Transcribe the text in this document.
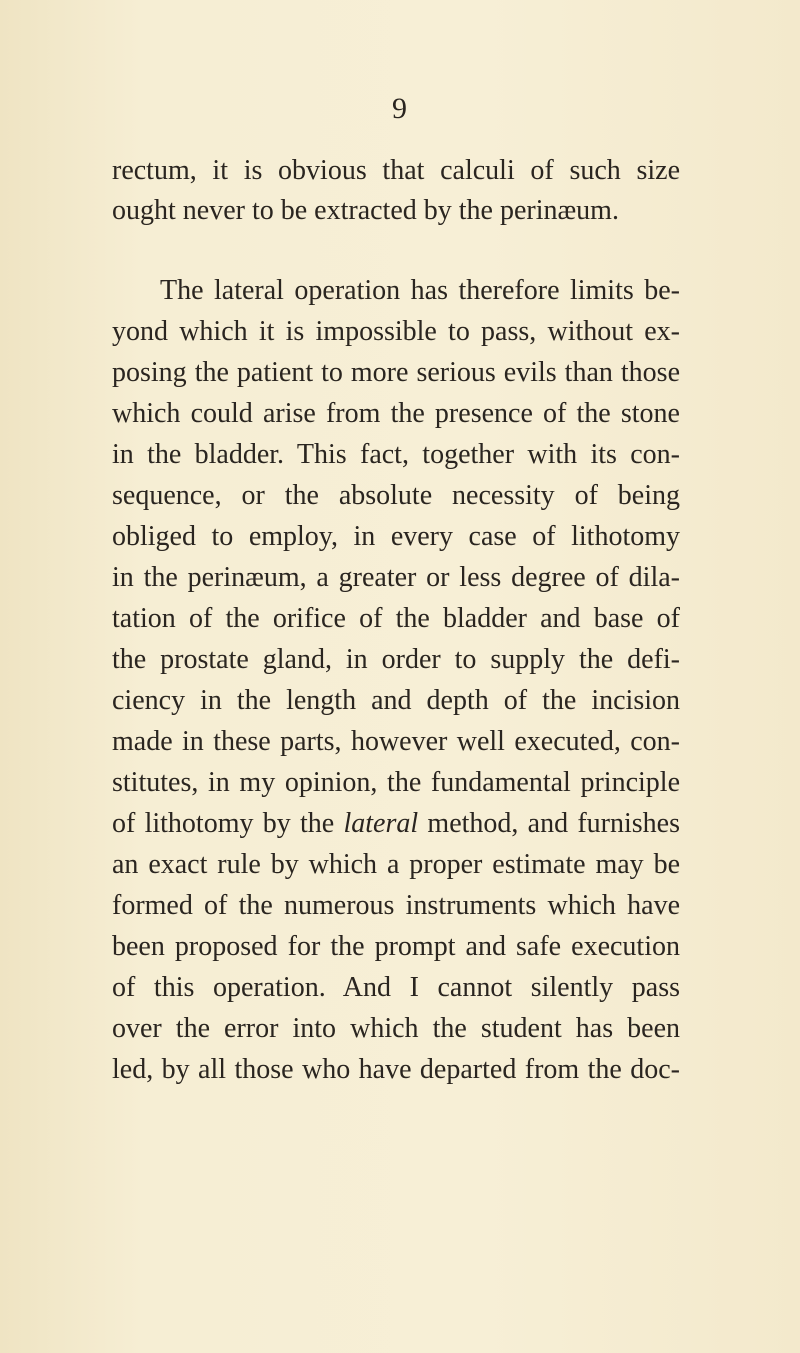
9
rectum, it is obvious that calculi of such size
ought never to be extracted by the perinæum.
The lateral operation has therefore limits be-
yond which it is impossible to pass, without ex-
posing the patient to more serious evils than those
which could arise from the presence of the stone
in the bladder. This fact, together with its con-
sequence, or the absolute necessity of being
obliged to employ, in every case of lithotomy
in the perinæum, a greater or less degree of dila-
tation of the orifice of the bladder and base of
the prostate gland, in order to supply the defi-
ciency in the length and depth of the incision
made in these parts, however well executed, con-
stitutes, in my opinion, the fundamental principle
of lithotomy by the lateral method, and furnishes
an exact rule by which a proper estimate may be
formed of the numerous instruments which have
been proposed for the prompt and safe execution
of this operation. And I cannot silently pass
over the error into which the student has been
led, by all those who have departed from the doc-
